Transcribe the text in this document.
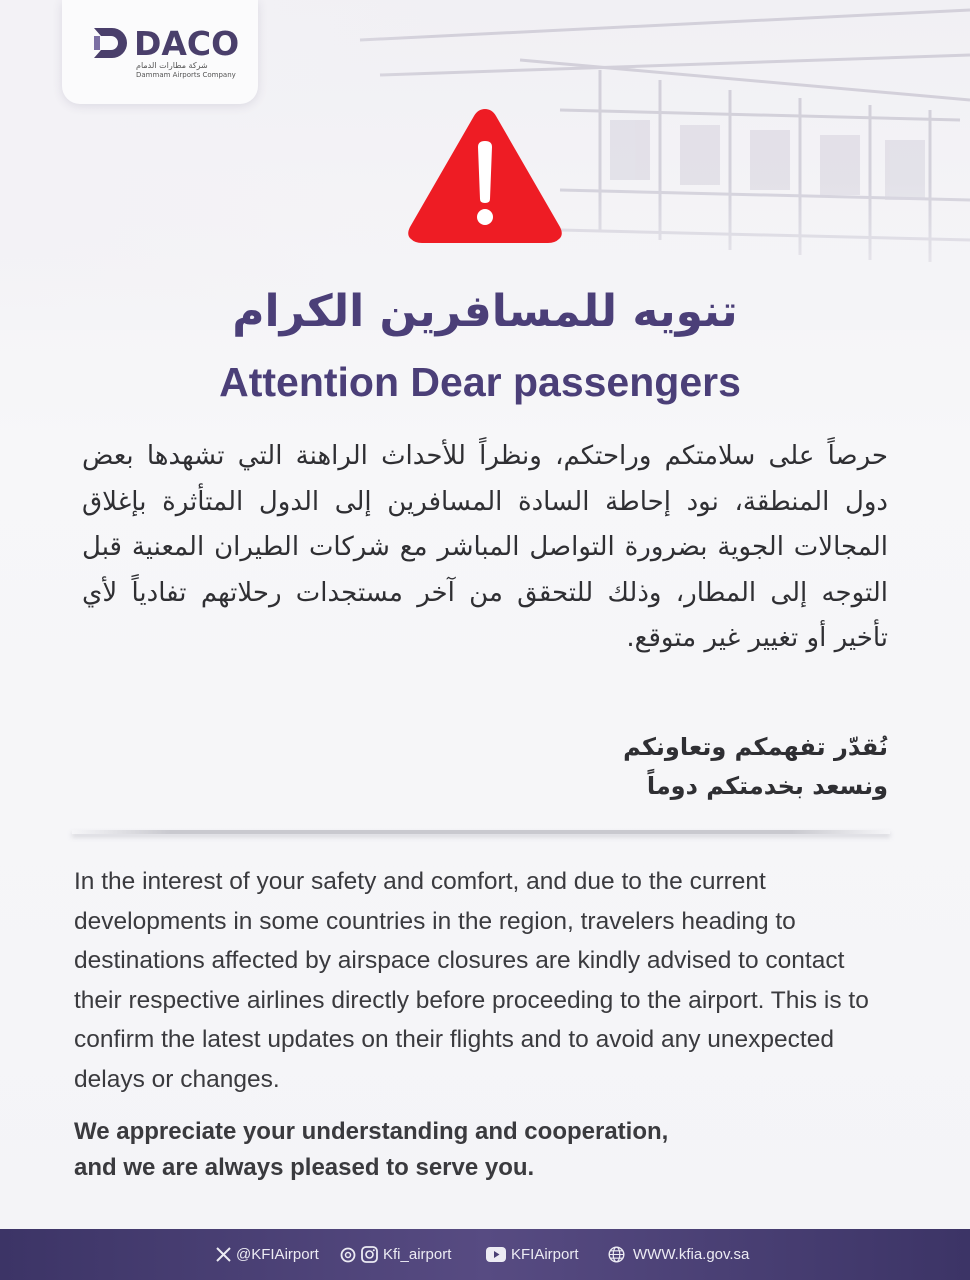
DACO
شركة مطارات الدمام
Dammam Airports Company
تنويه للمسافرين الكرام
Attention Dear passengers
حرصاً على سلامتكم وراحتكم، ونظراً للأحداث الراهنة التي تشهدها بعض دول المنطقة، نود إحاطة السادة المسافرين إلى الدول المتأثرة بإغلاق المجالات الجوية بضرورة التواصل المباشر مع شركات الطيران المعنية قبل التوجه إلى المطار، وذلك للتحقق من آخر مستجدات رحلاتهم تفادياً لأي تأخير أو تغيير غير متوقع.
نُقدّر تفهمكم وتعاونكم
ونسعد بخدمتكم دوماً
In the interest of your safety and comfort, and due to the current developments in some countries in the region, travelers heading to destinations affected by airspace closures are kindly advised to contact their respective airlines directly before proceeding to the airport. This is to confirm the latest updates on their flights and to avoid any unexpected delays or changes.
We appreciate your understanding and cooperation,
and we are always pleased to serve you.
@KFIAirport	Kfi_airport	KFIAirport	WWW.kfia.gov.sa
